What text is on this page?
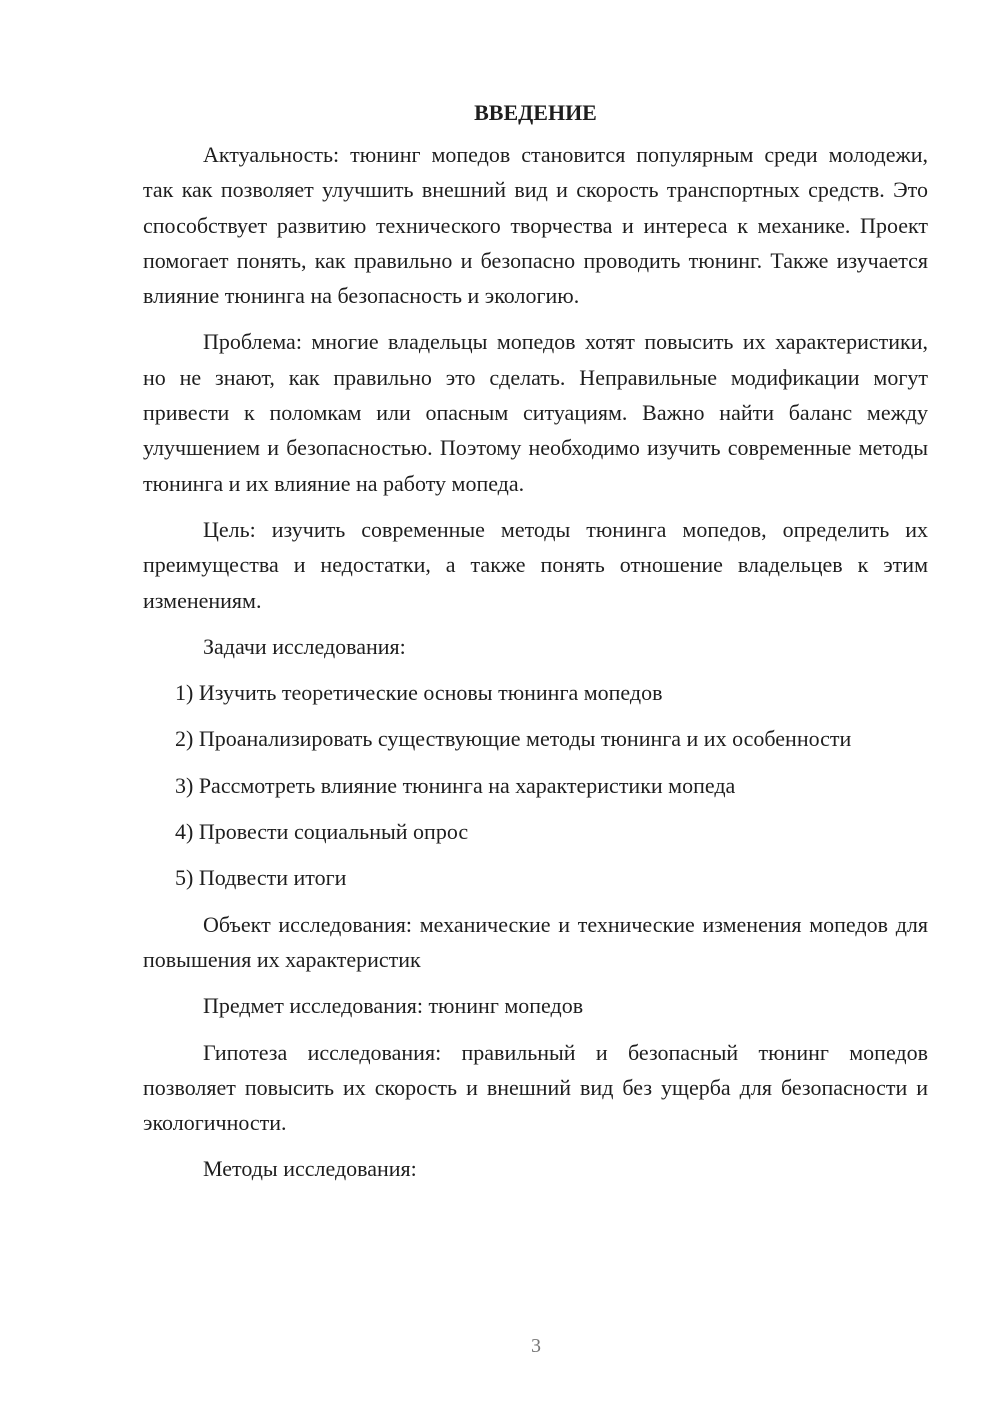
ВВЕДЕНИЕ

Актуальность: тюнинг мопедов становится популярным среди молодежи, так как позволяет улучшить внешний вид и скорость транспортных средств. Это способствует развитию технического творчества и интереса к механике. Проект помогает понять, как правильно и безопасно проводить тюнинг. Также изучается влияние тюнинга на безопасность и экологию.

Проблема: многие владельцы мопедов хотят повысить их характеристики, но не знают, как правильно это сделать. Неправильные модификации могут привести к поломкам или опасным ситуациям. Важно найти баланс между улучшением и безопасностью. Поэтому необходимо изучить современные методы тюнинга и их влияние на работу мопеда.

Цель: изучить современные методы тюнинга мопедов, определить их преимущества и недостатки, а также понять отношение владельцев к этим изменениям.

Задачи исследования:

1) Изучить теоретические основы тюнинга мопедов

2) Проанализировать существующие методы тюнинга и их особенности

3) Рассмотреть влияние тюнинга на характеристики мопеда

4) Провести социальный опрос

5) Подвести итоги

Объект исследования: механические и технические изменения мопедов для повышения их характеристик

Предмет исследования: тюнинг мопедов

Гипотеза исследования: правильный и безопасный тюнинг мопедов позволяет повысить их скорость и внешний вид без ущерба для безопасности и экологичности.

Методы исследования:

3
